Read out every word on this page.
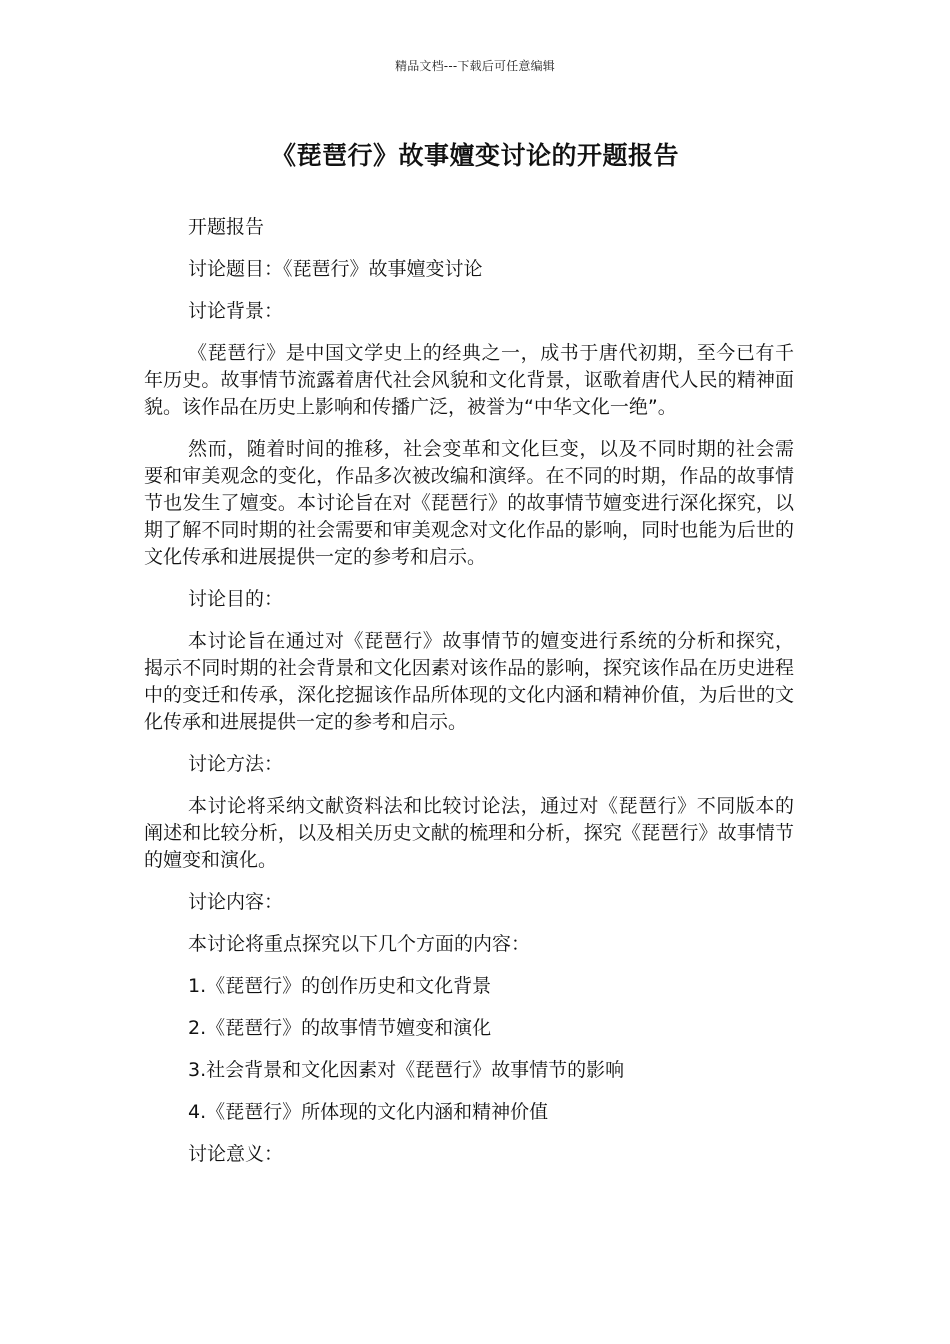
精品文档---下载后可任意编辑
《琵琶行》故事嬗变讨论的开题报告

开题报告

讨论题目：《琵琶行》故事嬗变讨论

讨论背景：

《琵琶行》是中国文学史上的经典之一，成书于唐代初期，至今已有千年历史。故事情节流露着唐代社会风貌和文化背景，讴歌着唐代人民的精神面貌。该作品在历史上影响和传播广泛，被誉为“中华文化一绝”。

然而，随着时间的推移，社会变革和文化巨变，以及不同时期的社会需要和审美观念的变化，作品多次被改编和演绎。在不同的时期，作品的故事情节也发生了嬗变。本讨论旨在对《琵琶行》的故事情节嬗变进行深化探究，以期了解不同时期的社会需要和审美观念对文化作品的影响，同时也能为后世的文化传承和进展提供一定的参考和启示。

讨论目的：

本讨论旨在通过对《琵琶行》故事情节的嬗变进行系统的分析和探究，揭示不同时期的社会背景和文化因素对该作品的影响，探究该作品在历史进程中的变迁和传承，深化挖掘该作品所体现的文化内涵和精神价值，为后世的文化传承和进展提供一定的参考和启示。

讨论方法：

本讨论将采纳文献资料法和比较讨论法，通过对《琵琶行》不同版本的阐述和比较分析，以及相关历史文献的梳理和分析，探究《琵琶行》故事情节的嬗变和演化。

讨论内容：

本讨论将重点探究以下几个方面的内容：

1.《琵琶行》的创作历史和文化背景

2.《琵琶行》的故事情节嬗变和演化

3.社会背景和文化因素对《琵琶行》故事情节的影响

4.《琵琶行》所体现的文化内涵和精神价值

讨论意义：
